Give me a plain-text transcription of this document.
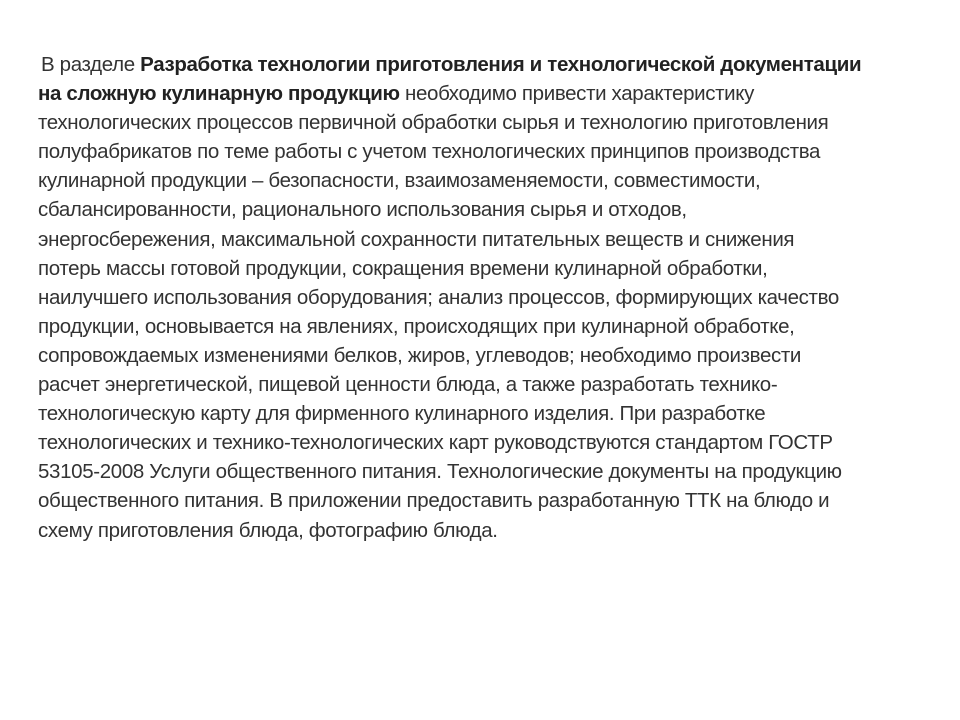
В разделе Разработка технологии приготовления и технологической документации
на сложную кулинарную продукцию необходимо привести характеристику
технологических процессов первичной обработки сырья и технологию приготовления
полуфабрикатов по теме работы с учетом технологических принципов производства
кулинарной продукции – безопасности, взаимозаменяемости, совместимости,
сбалансированности, рационального использования сырья и отходов,
энергосбережения, максимальной сохранности питательных веществ и снижения
потерь массы готовой продукции, сокращения времени кулинарной обработки,
наилучшего использования оборудования; анализ процессов, формирующих качество
продукции, основывается на явлениях, происходящих при кулинарной обработке,
сопровождаемых изменениями белков, жиров, углеводов; необходимо произвести
расчет энергетической, пищевой ценности блюда, а также разработать технико-
технологическую карту для фирменного кулинарного изделия. При разработке
технологических и технико-технологических карт руководствуются стандартом ГОСТР
53105-2008 Услуги общественного питания. Технологические документы на продукцию
общественного питания. В приложении предоставить разработанную ТТК на блюдо и
схему приготовления блюда, фотографию блюда.
